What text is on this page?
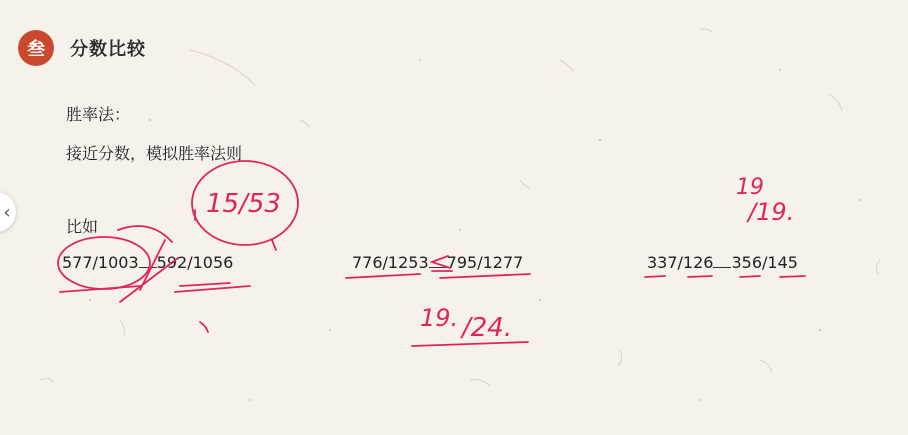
叁	分数比较
胜率法：
接近分数，模拟胜率法则
比如
577/1003 592/1056	776/1253 795/1277	337/126 356/145
15/53
19. /24.
19
/19.
‹
